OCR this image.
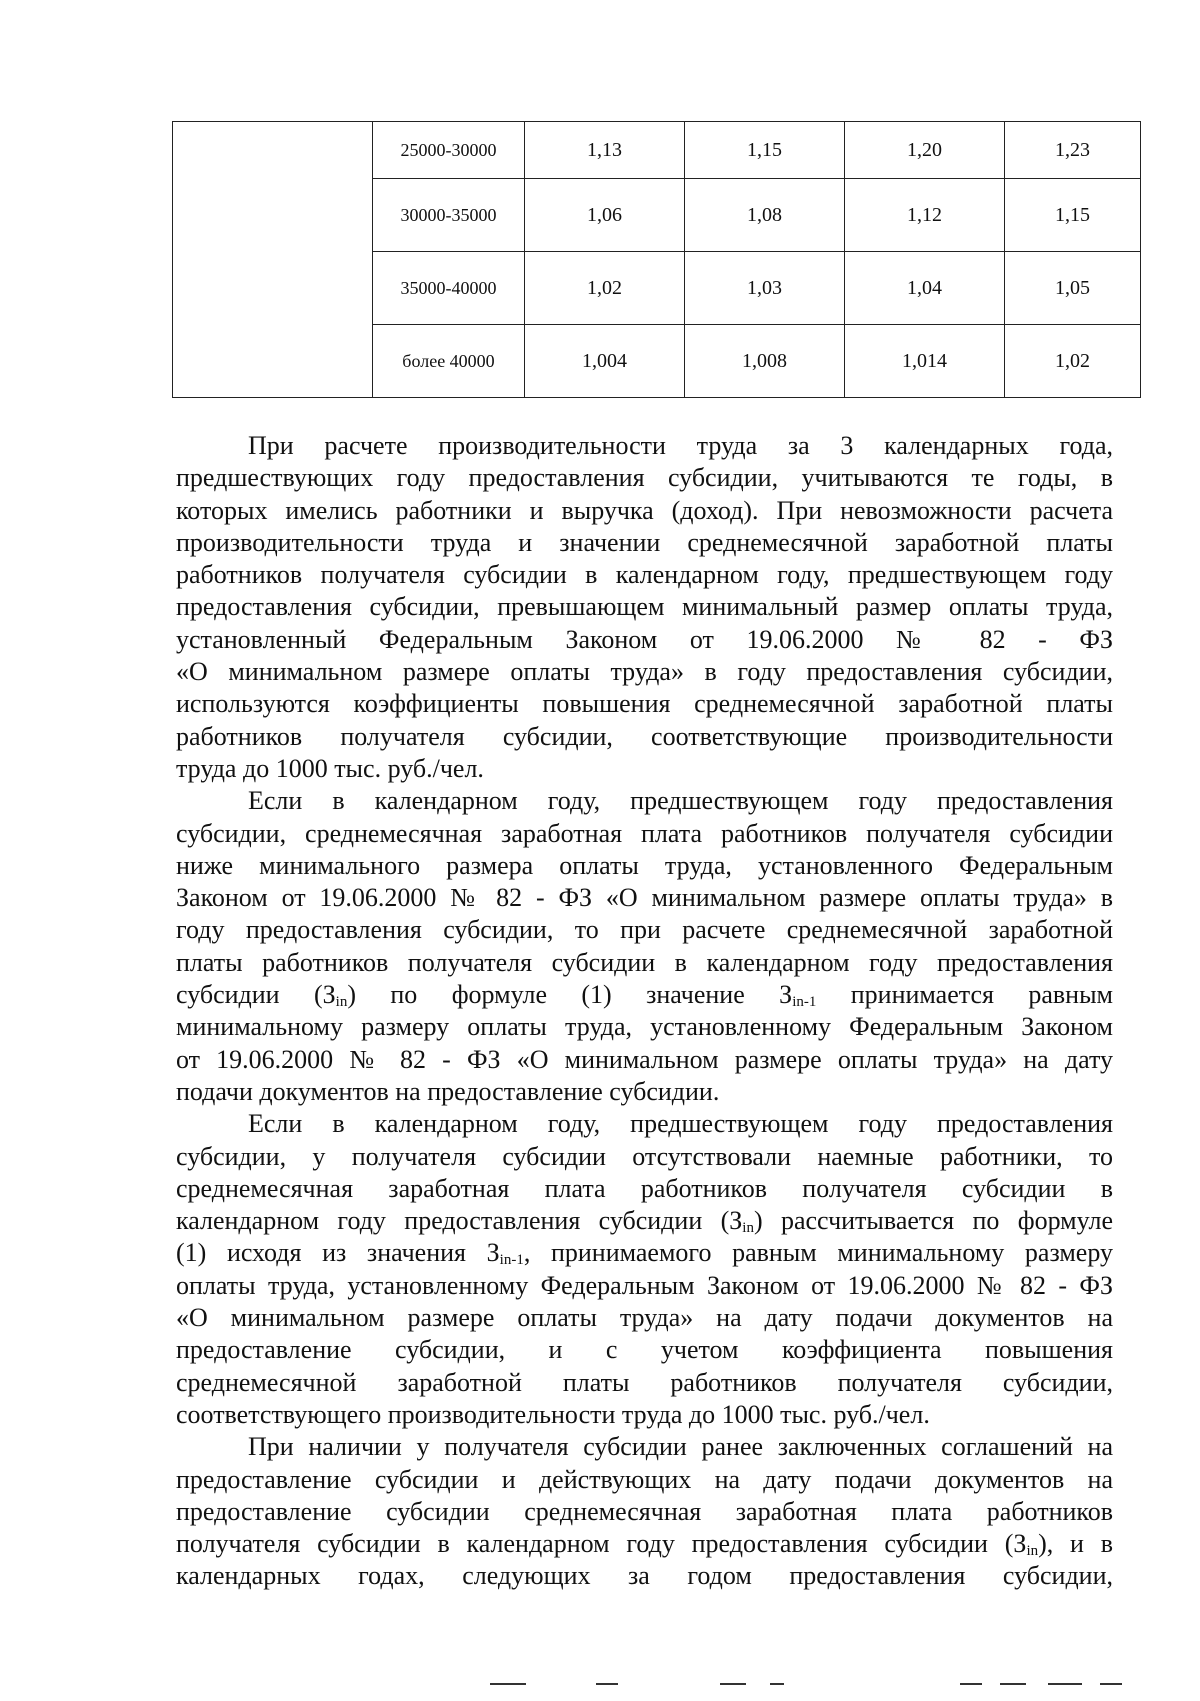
	25000-30000	1,13	1,15	1,20	1,23
	30000-35000	1,06	1,08	1,12	1,15
	35000-40000	1,02	1,03	1,04	1,05
	более 40000	1,004	1,008	1,014	1,02
При расчете производительности труда за 3 календарных года,
предшествующих году предоставления субсидии, учитываются те годы, в
которых имелись работники и выручка (доход). При невозможности расчета
производительности труда и значении среднемесячной заработной платы
работников получателя субсидии в календарном году, предшествующем году
предоставления субсидии, превышающем минимальный размер оплаты труда,
установленный Федеральным Законом от 19.06.2000 № 82 - ФЗ
«О минимальном размере оплаты труда» в году предоставления субсидии,
используются коэффициенты повышения среднемесячной заработной платы
работников получателя субсидии, соответствующие производительности
труда до 1000 тыс. руб./чел.
Если в календарном году, предшествующем году предоставления
субсидии, среднемесячная заработная плата работников получателя субсидии
ниже минимального размера оплаты труда, установленного Федеральным
Законом от 19.06.2000 № 82 - ФЗ «О минимальном размере оплаты труда» в
году предоставления субсидии, то при расчете среднемесячной заработной
платы работников получателя субсидии в календарном году предоставления
субсидии $(З_{in})$ по формуле (1) значение $З_{in-1}$ принимается равным
минимальному размеру оплаты труда, установленному Федеральным Законом
от 19.06.2000 № 82 - ФЗ «О минимальном размере оплаты труда» на дату
подачи документов на предоставление субсидии.
Если в календарном году, предшествующем году предоставления
субсидии, у получателя субсидии отсутствовали наемные работники, то
среднемесячная заработная плата работников получателя субсидии в
календарном году предоставления субсидии $(З_{in})$ рассчитывается по формуле
(1) исходя из значения $З_{in-1}$, принимаемого равным минимальному размеру
оплаты труда, установленному Федеральным Законом от 19.06.2000 № 82 - ФЗ
«О минимальном размере оплаты труда» на дату подачи документов на
предоставление субсидии, и с учетом коэффициента повышения
среднемесячной заработной платы работников получателя субсидии,
соответствующего производительности труда до 1000 тыс. руб./чел.
При наличии у получателя субсидии ранее заключенных соглашений на
предоставление субсидии и действующих на дату подачи документов на
предоставление субсидии среднемесячная заработная плата работников
получателя субсидии в календарном году предоставления субсидии $(З_{in})$, и в
календарных годах, следующих за годом предоставления субсидии,
